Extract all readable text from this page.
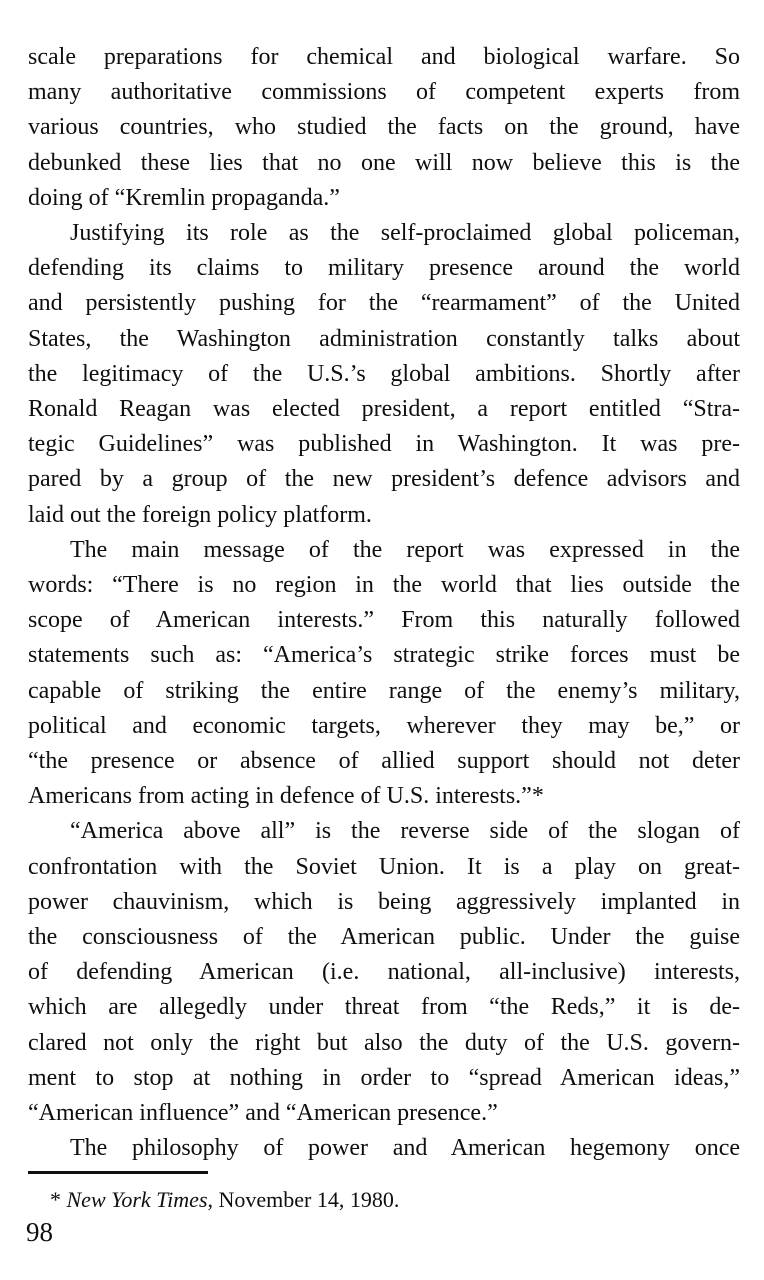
scale preparations for chemical and biological warfare. So
many authoritative commissions of competent experts from
various countries, who studied the facts on the ground, have
debunked these lies that no one will now believe this is the
doing of “Kremlin propaganda.”
Justifying its role as the self-proclaimed global policeman,
defending its claims to military presence around the world
and persistently pushing for the “rearmament” of the United
States, the Washington administration constantly talks about
the legitimacy of the U.S.’s global ambitions. Shortly after
Ronald Reagan was elected president, a report entitled “Stra-
tegic Guidelines” was published in Washington. It was pre-
pared by a group of the new president’s defence advisors and
laid out the foreign policy platform.
The main message of the report was expressed in the
words: “There is no region in the world that lies outside the
scope of American interests.” From this naturally followed
statements such as: “America’s strategic strike forces must be
capable of striking the entire range of the enemy’s military,
political and economic targets, wherever they may be,” or
“the presence or absence of allied support should not deter
Americans from acting in defence of U.S. interests.”*
“America above all” is the reverse side of the slogan of
confrontation with the Soviet Union. It is a play on great-
power chauvinism, which is being aggressively implanted in
the consciousness of the American public. Under the guise
of defending American (i.e. national, all-inclusive) interests,
which are allegedly under threat from “the Reds,” it is de-
clared not only the right but also the duty of the U.S. govern-
ment to stop at nothing in order to “spread American ideas,”
“American influence” and “American presence.”
The philosophy of power and American hegemony once
* New York Times, November 14, 1980.
98
